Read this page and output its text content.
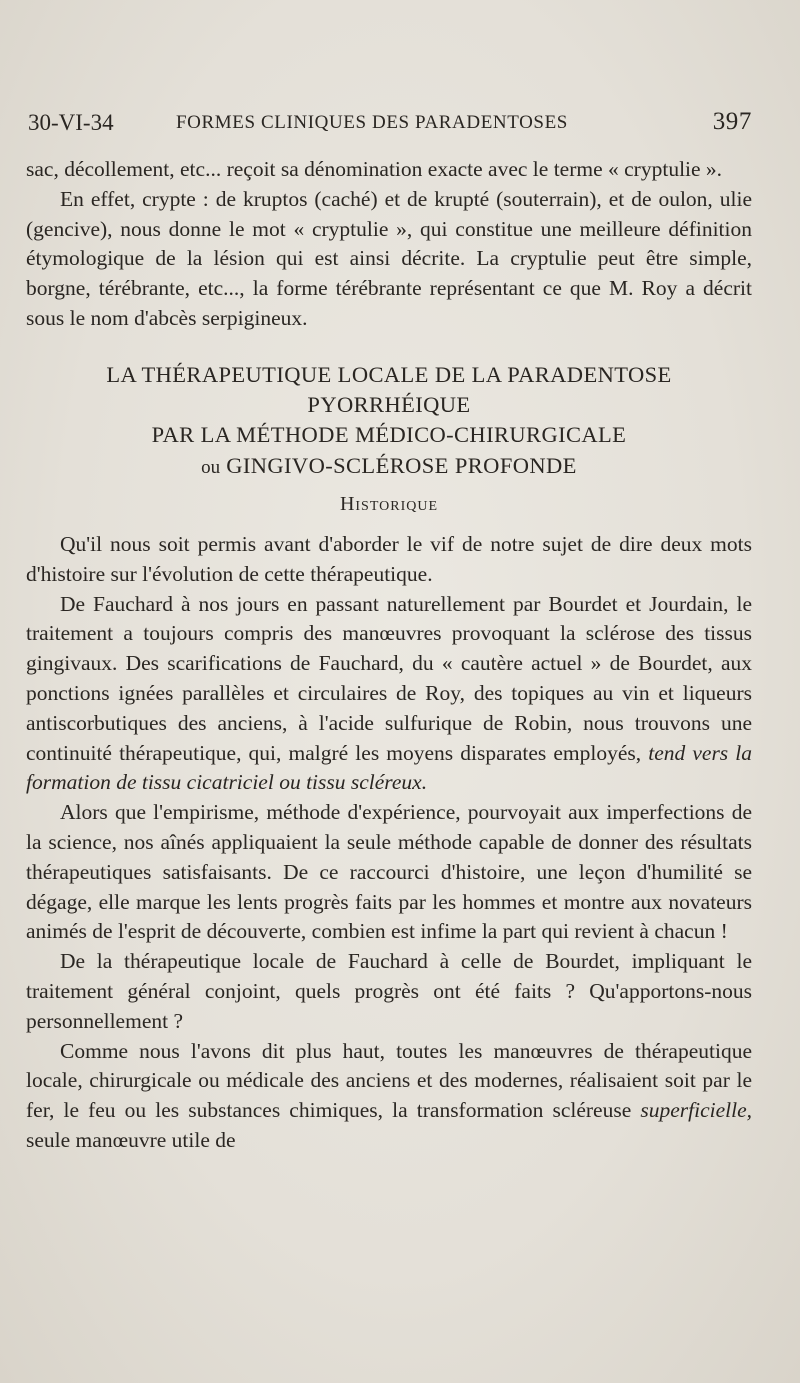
30-VI-34	FORMES CLINIQUES DES PARADENTOSES	397

sac, décollement, etc... reçoit sa dénomination exacte avec le terme « cryptulie ».

En effet, crypte : de kruptos (caché) et de krupté (souterrain), et de oulon, ulie (gencive), nous donne le mot « cryptulie », qui constitue une meilleure définition étymologique de la lésion qui est ainsi décrite. La cryptulie peut être simple, borgne, térébrante, etc..., la forme térébrante représentant ce que M. Roy a décrit sous le nom d'abcès serpigineux.

LA THÉRAPEUTIQUE LOCALE DE LA PARADENTOSE
PYORRHÉIQUE
PAR LA MÉTHODE MÉDICO-CHIRURGICALE
ou GINGIVO-SCLÉROSE PROFONDE
Historique

Qu'il nous soit permis avant d'aborder le vif de notre sujet de dire deux mots d'histoire sur l'évolution de cette thérapeutique.

De Fauchard à nos jours en passant naturellement par Bourdet et Jourdain, le traitement a toujours compris des manœuvres provoquant la sclérose des tissus gingivaux. Des scarifications de Fauchard, du « cautère actuel » de Bourdet, aux ponctions ignées parallèles et circulaires de Roy, des topiques au vin et liqueurs antiscorbutiques des anciens, à l'acide sulfurique de Robin, nous trouvons une continuité thérapeutique, qui, malgré les moyens disparates employés, tend vers la formation de tissu cicatriciel ou tissu scléreux.

Alors que l'empirisme, méthode d'expérience, pourvoyait aux imperfections de la science, nos aînés appliquaient la seule méthode capable de donner des résultats thérapeutiques satisfaisants. De ce raccourci d'histoire, une leçon d'humilité se dégage, elle marque les lents progrès faits par les hommes et montre aux novateurs animés de l'esprit de découverte, combien est infime la part qui revient à chacun !

De la thérapeutique locale de Fauchard à celle de Bourdet, impliquant le traitement général conjoint, quels progrès ont été faits ? Qu'apportons-nous personnellement ?

Comme nous l'avons dit plus haut, toutes les manœuvres de thérapeutique locale, chirurgicale ou médicale des anciens et des modernes, réalisaient soit par le fer, le feu ou les substances chimiques, la transformation scléreuse superficielle, seule manœuvre utile de
